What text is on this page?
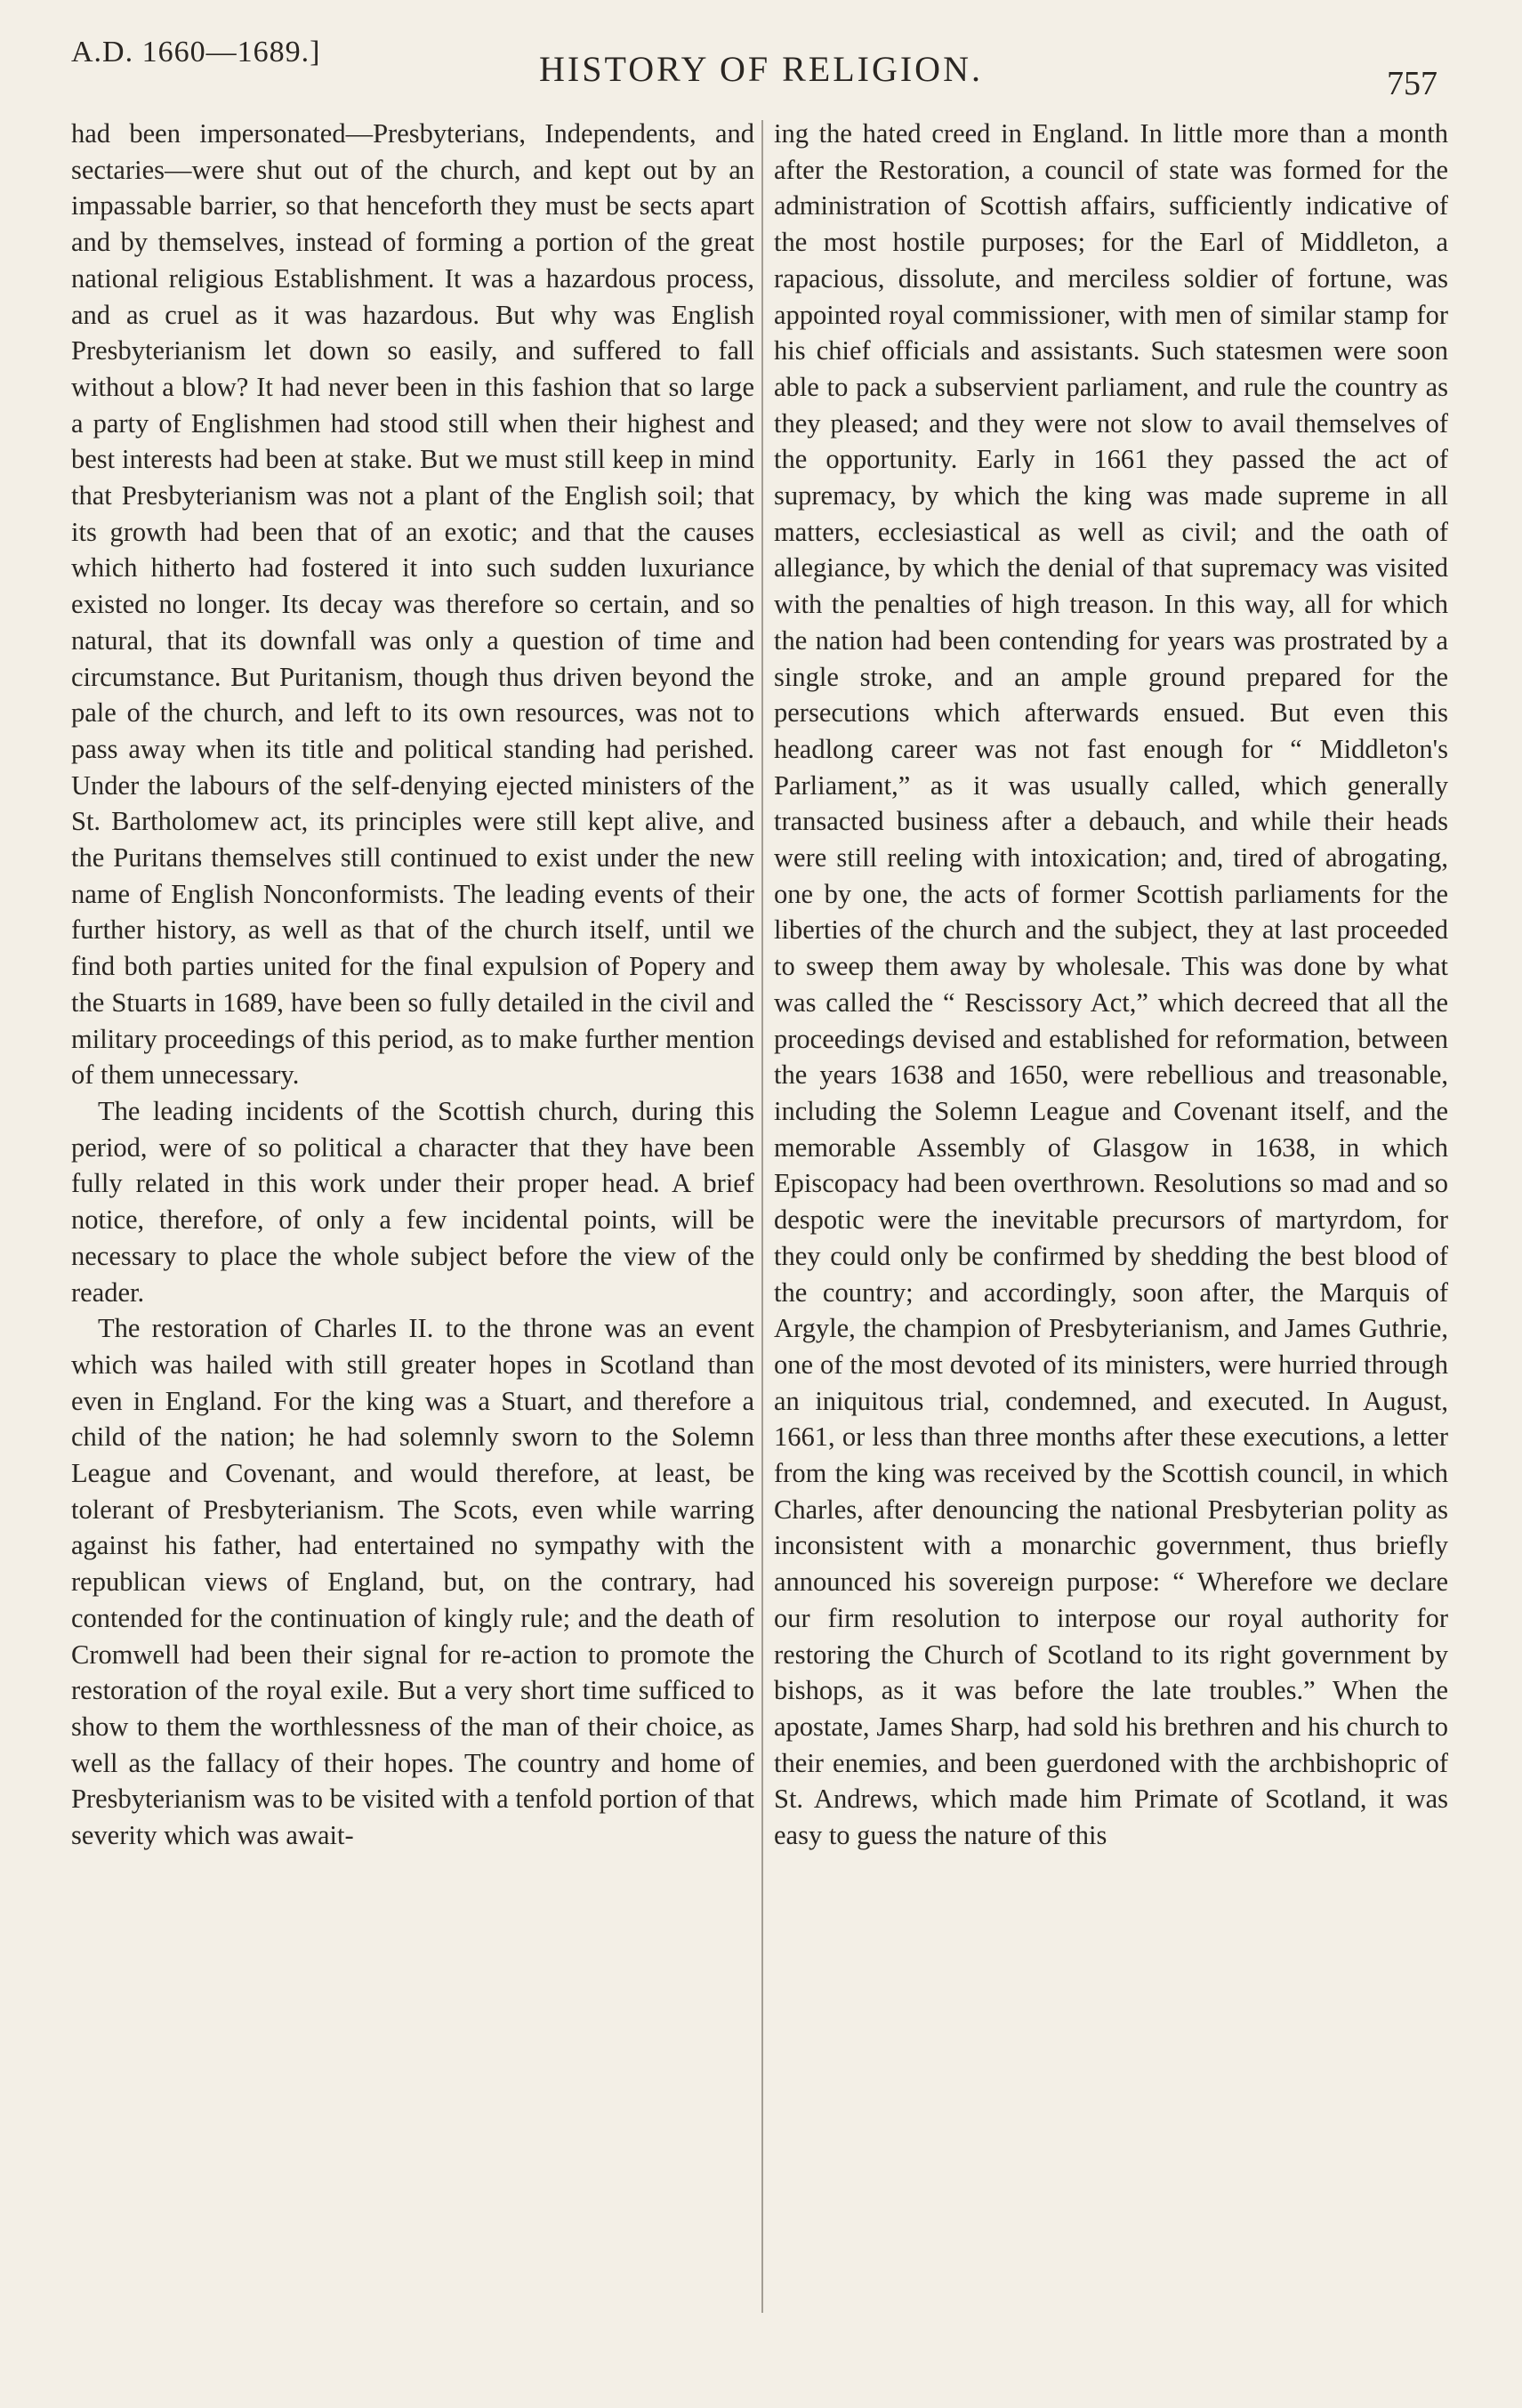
A.D. 1660—1689.]	HISTORY OF RELIGION.	757

had been impersonated—Presbyterians, Independents, and sectaries—were shut out of the church, and kept out by an impassable barrier, so that henceforth they must be sects apart and by themselves, instead of forming a portion of the great national religious Establishment. It was a hazardous process, and as cruel as it was hazardous. But why was English Presbyterianism let down so easily, and suffered to fall without a blow? It had never been in this fashion that so large a party of Englishmen had stood still when their highest and best interests had been at stake. But we must still keep in mind that Presbyterianism was not a plant of the English soil; that its growth had been that of an exotic; and that the causes which hitherto had fostered it into such sudden luxuriance existed no longer. Its decay was therefore so certain, and so natural, that its downfall was only a question of time and circumstance. But Puritanism, though thus driven beyond the pale of the church, and left to its own resources, was not to pass away when its title and political standing had perished. Under the labours of the self-denying ejected ministers of the St. Bartholomew act, its principles were still kept alive, and the Puritans themselves still continued to exist under the new name of English Nonconformists. The leading events of their further history, as well as that of the church itself, until we find both parties united for the final expulsion of Popery and the Stuarts in 1689, have been so fully detailed in the civil and military proceedings of this period, as to make further mention of them unnecessary.

The leading incidents of the Scottish church, during this period, were of so political a character that they have been fully related in this work under their proper head. A brief notice, therefore, of only a few incidental points, will be necessary to place the whole subject before the view of the reader.

The restoration of Charles II. to the throne was an event which was hailed with still greater hopes in Scotland than even in England. For the king was a Stuart, and therefore a child of the nation; he had solemnly sworn to the Solemn League and Covenant, and would therefore, at least, be tolerant of Presbyterianism. The Scots, even while warring against his father, had entertained no sympathy with the republican views of England, but, on the contrary, had contended for the continuation of kingly rule; and the death of Cromwell had been their signal for re-action to promote the restoration of the royal exile. But a very short time sufficed to show to them the worthlessness of the man of their choice, as well as the fallacy of their hopes. The country and home of Presbyterianism was to be visited with a tenfold portion of that severity which was await-

ing the hated creed in England. In little more than a month after the Restoration, a council of state was formed for the administration of Scottish affairs, sufficiently indicative of the most hostile purposes; for the Earl of Middleton, a rapacious, dissolute, and merciless soldier of fortune, was appointed royal commissioner, with men of similar stamp for his chief officials and assistants. Such statesmen were soon able to pack a subservient parliament, and rule the country as they pleased; and they were not slow to avail themselves of the opportunity. Early in 1661 they passed the act of supremacy, by which the king was made supreme in all matters, ecclesiastical as well as civil; and the oath of allegiance, by which the denial of that supremacy was visited with the penalties of high treason. In this way, all for which the nation had been contending for years was prostrated by a single stroke, and an ample ground prepared for the persecutions which afterwards ensued. But even this headlong career was not fast enough for “ Middleton's Parliament,” as it was usually called, which generally transacted business after a debauch, and while their heads were still reeling with intoxication; and, tired of abrogating, one by one, the acts of former Scottish parliaments for the liberties of the church and the subject, they at last proceeded to sweep them away by wholesale. This was done by what was called the “ Rescissory Act,” which decreed that all the proceedings devised and established for reformation, between the years 1638 and 1650, were rebellious and treasonable, including the Solemn League and Covenant itself, and the memorable Assembly of Glasgow in 1638, in which Episcopacy had been overthrown. Resolutions so mad and so despotic were the inevitable precursors of martyrdom, for they could only be confirmed by shedding the best blood of the country; and accordingly, soon after, the Marquis of Argyle, the champion of Presbyterianism, and James Guthrie, one of the most devoted of its ministers, were hurried through an iniquitous trial, condemned, and executed. In August, 1661, or less than three months after these executions, a letter from the king was received by the Scottish council, in which Charles, after denouncing the national Presbyterian polity as inconsistent with a monarchic government, thus briefly announced his sovereign purpose: “ Wherefore we declare our firm resolution to interpose our royal authority for restoring the Church of Scotland to its right government by bishops, as it was before the late troubles.” When the apostate, James Sharp, had sold his brethren and his church to their enemies, and been guerdoned with the archbishopric of St. Andrews, which made him Primate of Scotland, it was easy to guess the nature of this
